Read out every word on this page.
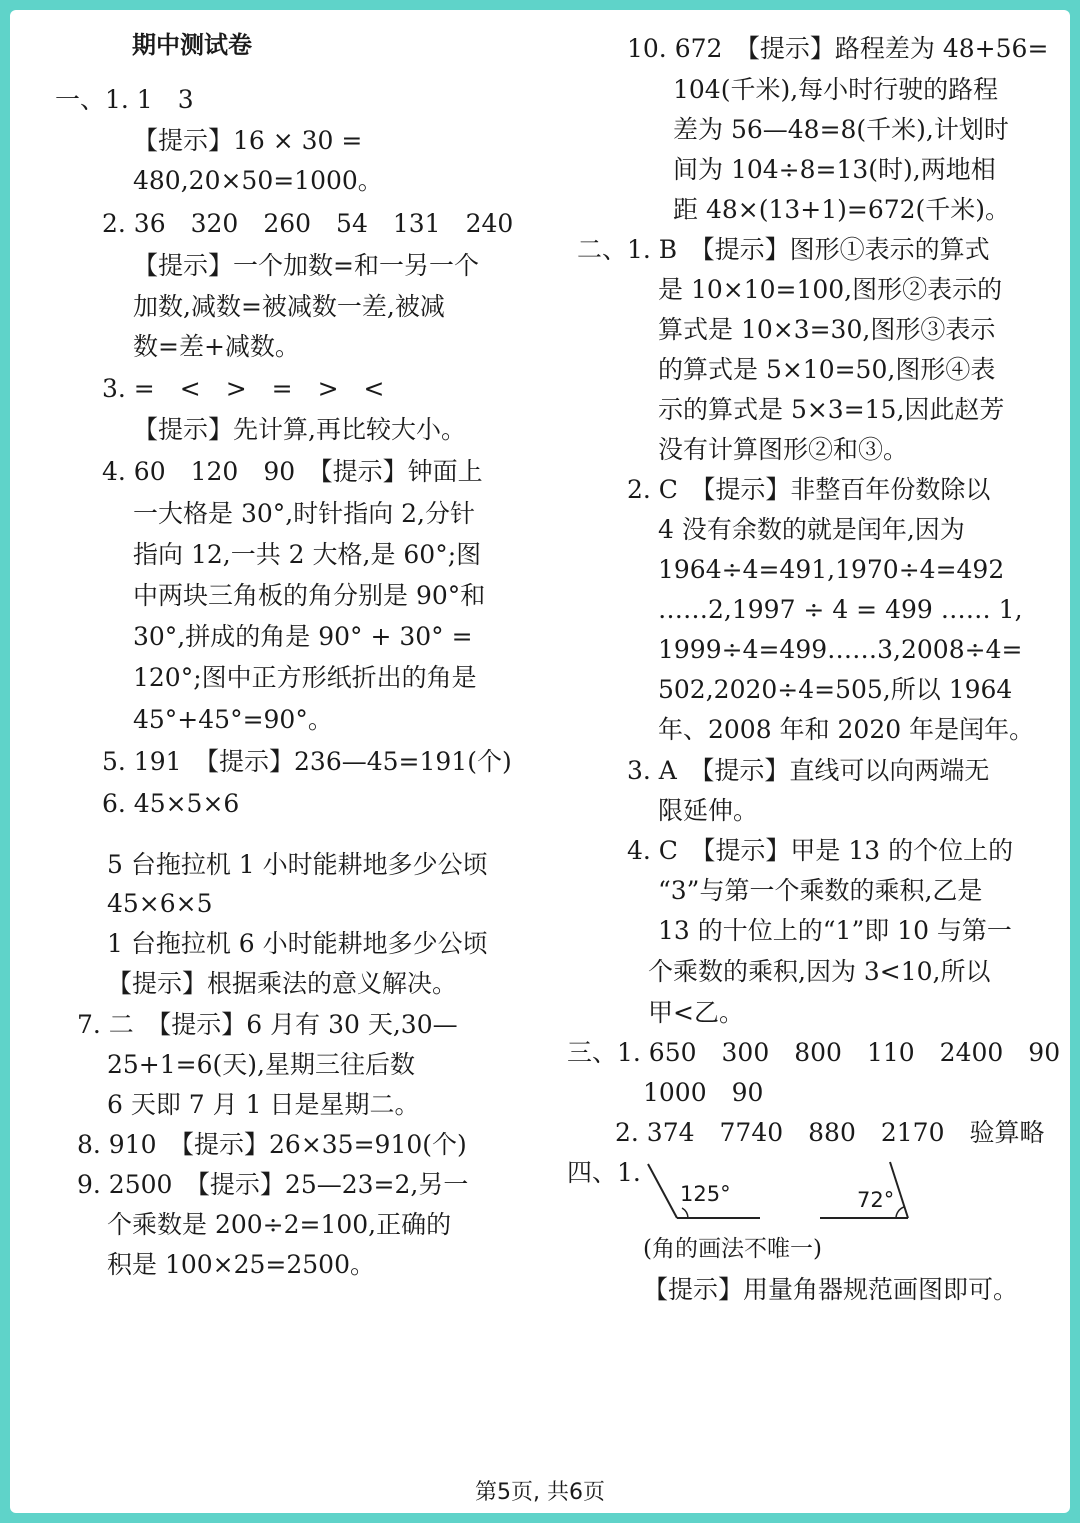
期中测试卷
一、1. 1　3
【提示】16 × 30 =
480,20×50=1000。
2. 36　320　260　54　131　240
【提示】一个加数=和一另一个
加数,减数=被减数一差,被减
数=差+减数。
3. =　<　>　=　>　<
【提示】先计算,再比较大小。
4. 60　120　90　【提示】钟面上
一大格是 30°,时针指向 2,分针
指向 12,一共 2 大格,是 60°;图
中两块三角板的角分别是 90°和
30°,拼成的角是 90° + 30° =
120°;图中正方形纸折出的角是
45°+45°=90°。
5. 191　【提示】236—45=191(个)
6. 45×5×6
5 台拖拉机 1 小时能耕地多少公顷
45×6×5
1 台拖拉机 6 小时能耕地多少公顷
【提示】根据乘法的意义解决。
7. 二　【提示】6 月有 30 天,30—
25+1=6(天),星期三往后数
6 天即 7 月 1 日是星期二。
8. 910　【提示】26×35=910(个)
9. 2500　【提示】25—23=2,另一
个乘数是 200÷2=100,正确的
积是 100×25=2500。
10. 672　【提示】路程差为 48+56=
104(千米),每小时行驶的路程
差为 56—48=8(千米),计划时
间为 104÷8=13(时),两地相
距 48×(13+1)=672(千米)。
二、1. B　【提示】图形①表示的算式
是 10×10=100,图形②表示的
算式是 10×3=30,图形③表示
的算式是 5×10=50,图形④表
示的算式是 5×3=15,因此赵芳
没有计算图形②和③。
2. C　【提示】非整百年份数除以
4 没有余数的就是闰年,因为
1964÷4=491,1970÷4=492
……2,1997 ÷ 4 = 499 …… 1,
1999÷4=499……3,2008÷4=
502,2020÷4=505,所以 1964
年、2008 年和 2020 年是闰年。
3. A　【提示】直线可以向两端无
限延伸。
4. C　【提示】甲是 13 的个位上的
“3”与第一个乘数的乘积,乙是
13 的十位上的“1”即 10 与第一
个乘数的乘积,因为 3<10,所以
甲<乙。
三、1. 650　300　800　110　2400　90
1000　90
2. 374　7740　880　2170　验算略
四、1.
125°	72°
(角的画法不唯一)
【提示】用量角器规范画图即可。
第5页, 共6页
